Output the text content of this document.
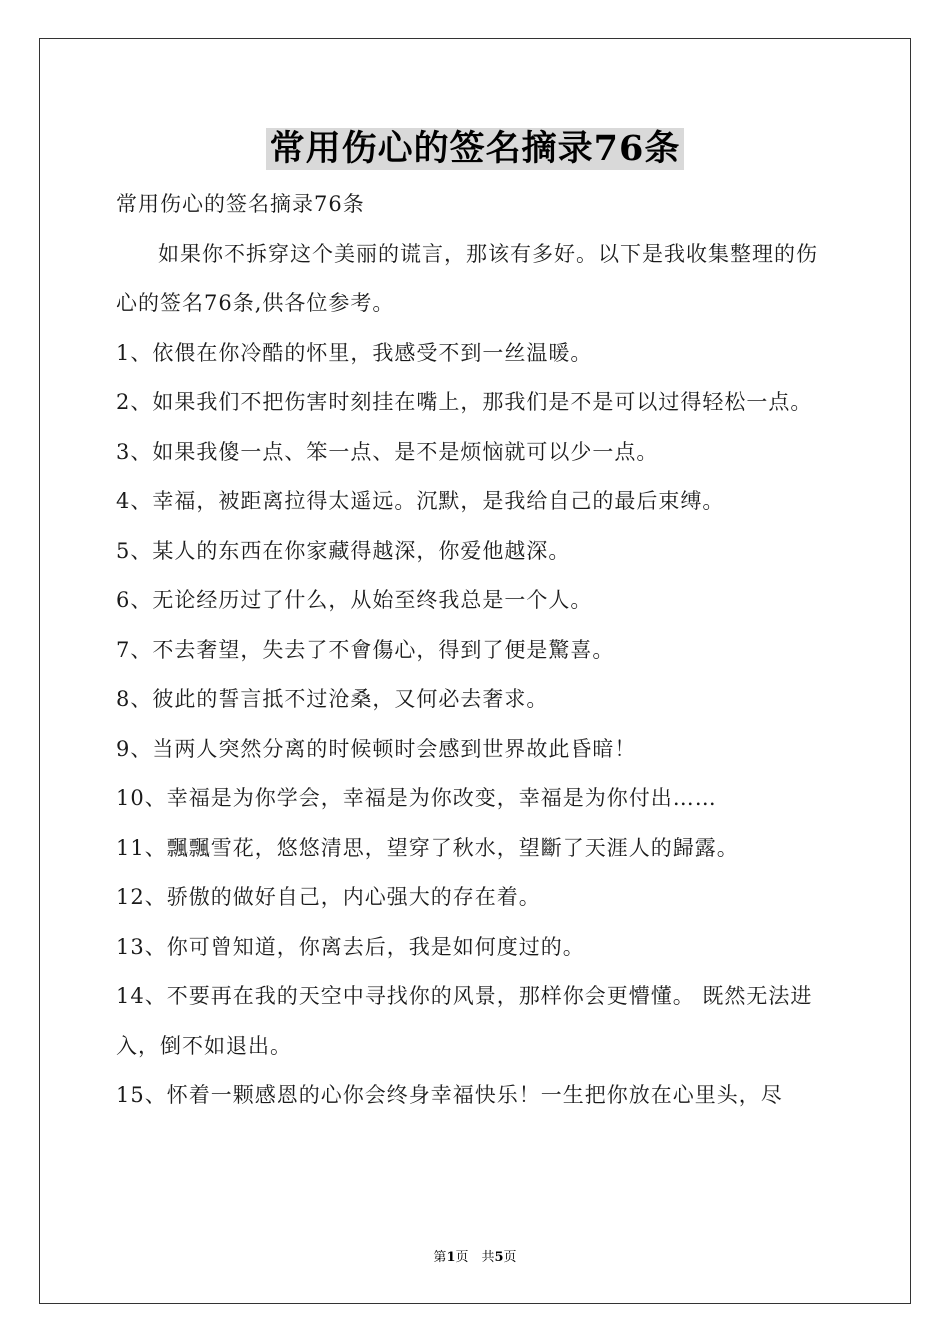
常用伤心的签名摘录76条

常用伤心的签名摘录76条

如果你不拆穿这个美丽的谎言，那该有多好。以下是我收集整理的伤心的签名76条,供各位参考。

1、依偎在你冷酷的怀里，我感受不到一丝温暖。

2、如果我们不把伤害时刻挂在嘴上，那我们是不是可以过得轻松一点。

3、如果我傻一点、笨一点、是不是烦恼就可以少一点。

4、幸福，被距离拉得太遥远。沉默，是我给自己的最后束缚。

5、某人的东西在你家藏得越深，你爱他越深。

6、无论经历过了什么，从始至终我总是一个人。

7、不去奢望，失去了不會傷心，得到了便是驚喜。

8、彼此的誓言抵不过沧桑，又何必去奢求。

9、当两人突然分离的时候顿时会感到世界故此昏暗！

10、幸福是为你学会，幸福是为你改变，幸福是为你付出……

11、飄飄雪花，悠悠清思，望穿了秋水，望斷了天涯人的歸露。

12、骄傲的做好自己，内心强大的存在着。

13、你可曾知道，你离去后，我是如何度过的。

14、不要再在我的天空中寻找你的风景，那样你会更懵懂。 既然无法进入，倒不如退出。

15、怀着一颗感恩的心你会终身幸福快乐！一生把你放在心里头，尽

第1页　共5页
